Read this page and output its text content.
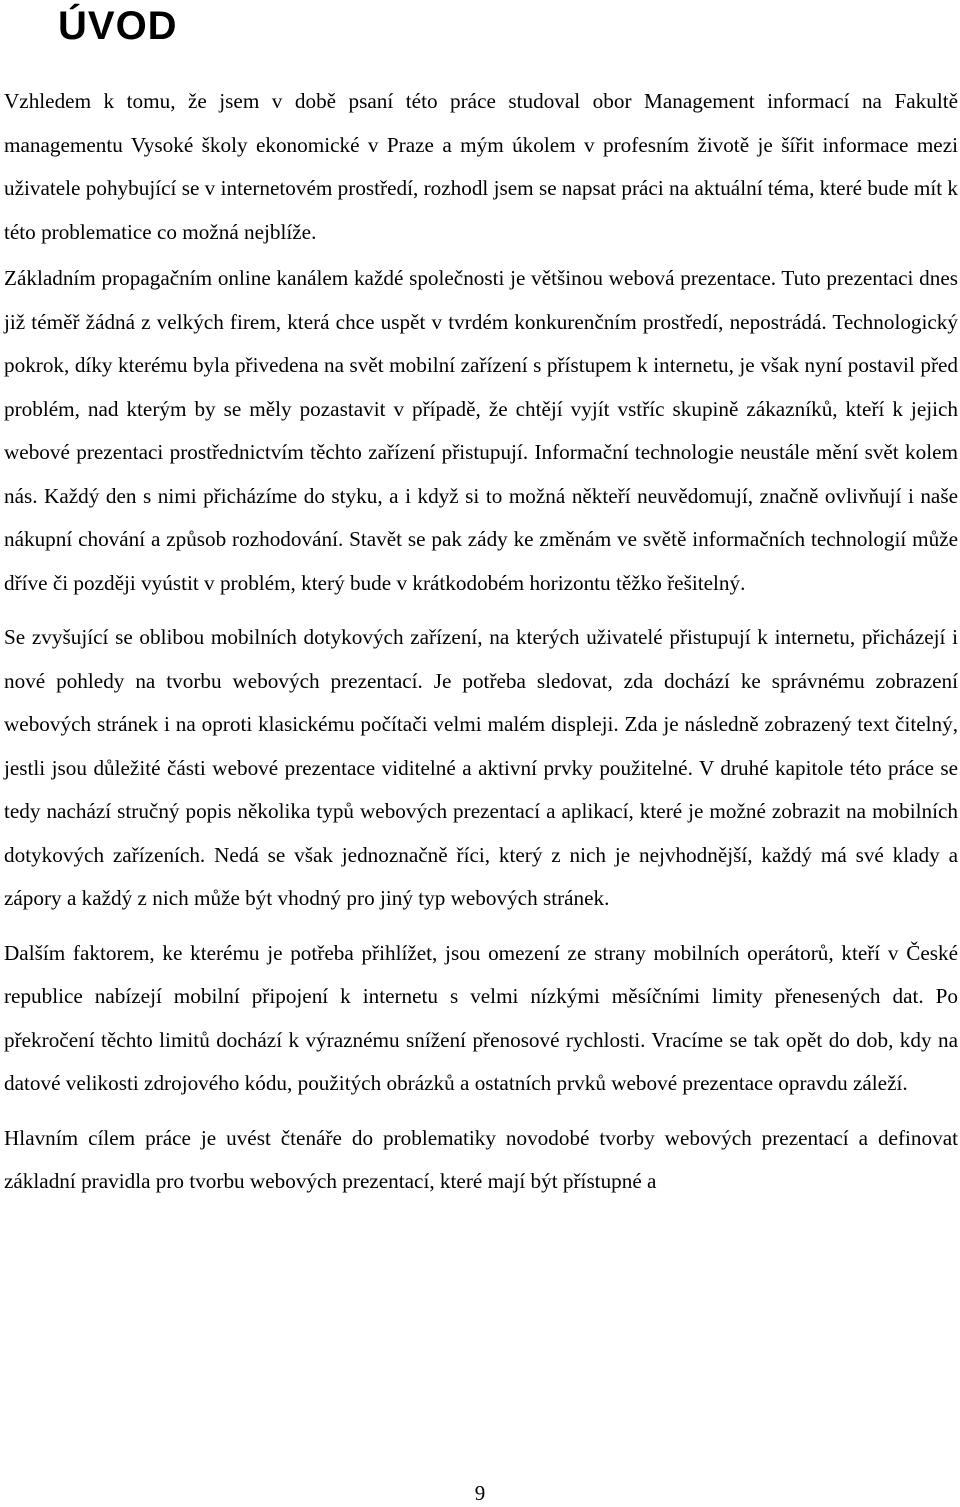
ÚVOD

Vzhledem k tomu, že jsem v době psaní této práce studoval obor Management informací na Fakultě managementu Vysoké školy ekonomické v Praze a mým úkolem v profesním životě je šířit informace mezi uživatele pohybující se v internetovém prostředí, rozhodl jsem se napsat práci na aktuální téma, které bude mít k této problematice co možná nejblíže.

Základním propagačním online kanálem každé společnosti je většinou webová prezentace. Tuto prezentaci dnes již téměř žádná z velkých firem, která chce uspět v tvrdém konkurenčním prostředí, nepostrádá. Technologický pokrok, díky kterému byla přivedena na svět mobilní zařízení s přístupem k internetu, je však nyní postavil před problém, nad kterým by se měly pozastavit v případě, že chtějí vyjít vstříc skupině zákazníků, kteří k jejich webové prezentaci prostřednictvím těchto zařízení přistupují. Informační technologie neustále mění svět kolem nás. Každý den s nimi přicházíme do styku, a i když si to možná někteří neuvědomují, značně ovlivňují i naše nákupní chování a způsob rozhodování. Stavět se pak zády ke změnám ve světě informačních technologií může dříve či později vyústit v problém, který bude v krátkodobém horizontu těžko řešitelný.

Se zvyšující se oblibou mobilních dotykových zařízení, na kterých uživatelé přistupují k internetu, přicházejí i nové pohledy na tvorbu webových prezentací. Je potřeba sledovat, zda dochází ke správnému zobrazení webových stránek i na oproti klasickému počítači velmi malém displeji. Zda je následně zobrazený text čitelný, jestli jsou důležité části webové prezentace viditelné a aktivní prvky použitelné. V druhé kapitole této práce se tedy nachází stručný popis několika typů webových prezentací a aplikací, které je možné zobrazit na mobilních dotykových zařízeních. Nedá se však jednoznačně říci, který z nich je nejvhodnější, každý má své klady a zápory a každý z nich může být vhodný pro jiný typ webových stránek.

Dalším faktorem, ke kterému je potřeba přihlížet, jsou omezení ze strany mobilních operátorů, kteří v České republice nabízejí mobilní připojení k internetu s velmi nízkými měsíčními limity přenesených dat. Po překročení těchto limitů dochází k výraznému snížení přenosové rychlosti. Vracíme se tak opět do dob, kdy na datové velikosti zdrojového kódu, použitých obrázků a ostatních prvků webové prezentace opravdu záleží.

Hlavním cílem práce je uvést čtenáře do problematiky novodobé tvorby webových prezentací a definovat základní pravidla pro tvorbu webových prezentací, které mají být přístupné a

9
